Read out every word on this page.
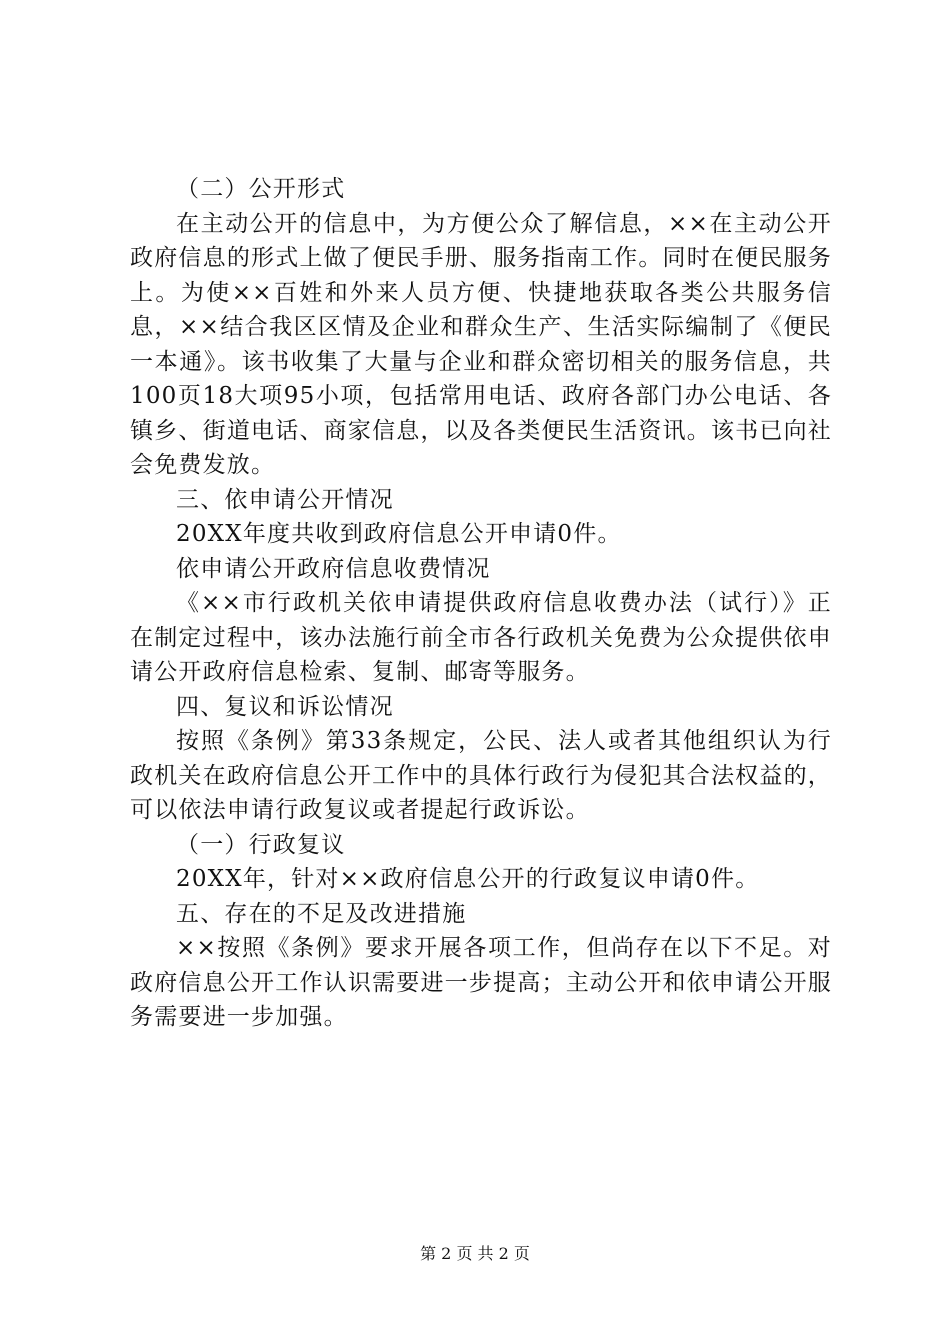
（二）公开形式

在主动公开的信息中，为方便公众了解信息，××在主动公开政府信息的形式上做了便民手册、服务指南工作。同时在便民服务上。为使××百姓和外来人员方便、快捷地获取各类公共服务信息，××结合我区区情及企业和群众生产、生活实际编制了《便民一本通》。该书收集了大量与企业和群众密切相关的服务信息，共100页18大项95小项，包括常用电话、政府各部门办公电话、各镇乡、街道电话、商家信息，以及各类便民生活资讯。该书已向社会免费发放。

三、依申请公开情况

20XX年度共收到政府信息公开申请0件。

依申请公开政府信息收费情况

《××市行政机关依申请提供政府信息收费办法（试行）》正在制定过程中，该办法施行前全市各行政机关免费为公众提供依申请公开政府信息检索、复制、邮寄等服务。

四、复议和诉讼情况

按照《条例》第33条规定，公民、法人或者其他组织认为行政机关在政府信息公开工作中的具体行政行为侵犯其合法权益的，可以依法申请行政复议或者提起行政诉讼。

（一）行政复议

20XX年，针对××政府信息公开的行政复议申请0件。

五、存在的不足及改进措施

××按照《条例》要求开展各项工作，但尚存在以下不足。对政府信息公开工作认识需要进一步提高；主动公开和依申请公开服务需要进一步加强。

第 2 页 共 2 页
